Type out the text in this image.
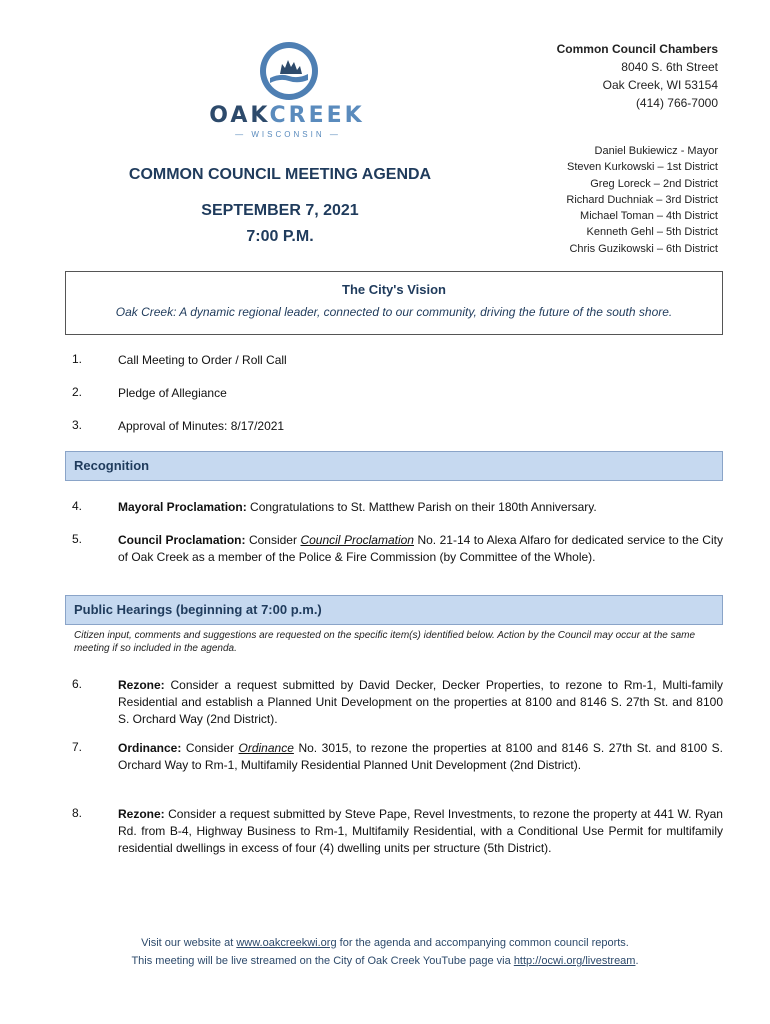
OAKCREEK
— WISCONSIN —
Common Council Chambers
8040 S. 6th Street
Oak Creek, WI 53154
(414) 766-7000
Daniel Bukiewicz - Mayor
Steven Kurkowski – 1st District
Greg Loreck – 2nd District
Richard Duchniak – 3rd District
Michael Toman – 4th District
Kenneth Gehl – 5th District
Chris Guzikowski – 6th District
COMMON COUNCIL MEETING AGENDA
SEPTEMBER 7, 2021
7:00 P.M.
The City's Vision
Oak Creek: A dynamic regional leader, connected to our community, driving the future of the south shore.
1.	Call Meeting to Order / Roll Call
2.	Pledge of Allegiance
3.	Approval of Minutes: 8/17/2021
Recognition
4.	Mayoral Proclamation: Congratulations to St. Matthew Parish on their 180th Anniversary.
5.	Council Proclamation: Consider Council Proclamation No. 21-14 to Alexa Alfaro for dedicated service to the City of Oak Creek as a member of the Police & Fire Commission (by Committee of the Whole).
Public Hearings (beginning at 7:00 p.m.)
Citizen input, comments and suggestions are requested on the specific item(s) identified below. Action by the Council may occur at the same meeting if so included in the agenda.
6.	Rezone: Consider a request submitted by David Decker, Decker Properties, to rezone to Rm-1, Multi-family Residential and establish a Planned Unit Development on the properties at 8100 and 8146 S. 27th St. and 8100 S. Orchard Way (2nd District).
7.	Ordinance: Consider Ordinance No. 3015, to rezone the properties at 8100 and 8146 S. 27th St. and 8100 S. Orchard Way to Rm-1, Multifamily Residential Planned Unit Development (2nd District).
8.	Rezone: Consider a request submitted by Steve Pape, Revel Investments, to rezone the property at 441 W. Ryan Rd. from B-4, Highway Business to Rm-1, Multifamily Residential, with a Conditional Use Permit for multifamily residential dwellings in excess of four (4) dwelling units per structure (5th District).
Visit our website at www.oakcreekwi.org for the agenda and accompanying common council reports.
This meeting will be live streamed on the City of Oak Creek YouTube page via http://ocwi.org/livestream.
